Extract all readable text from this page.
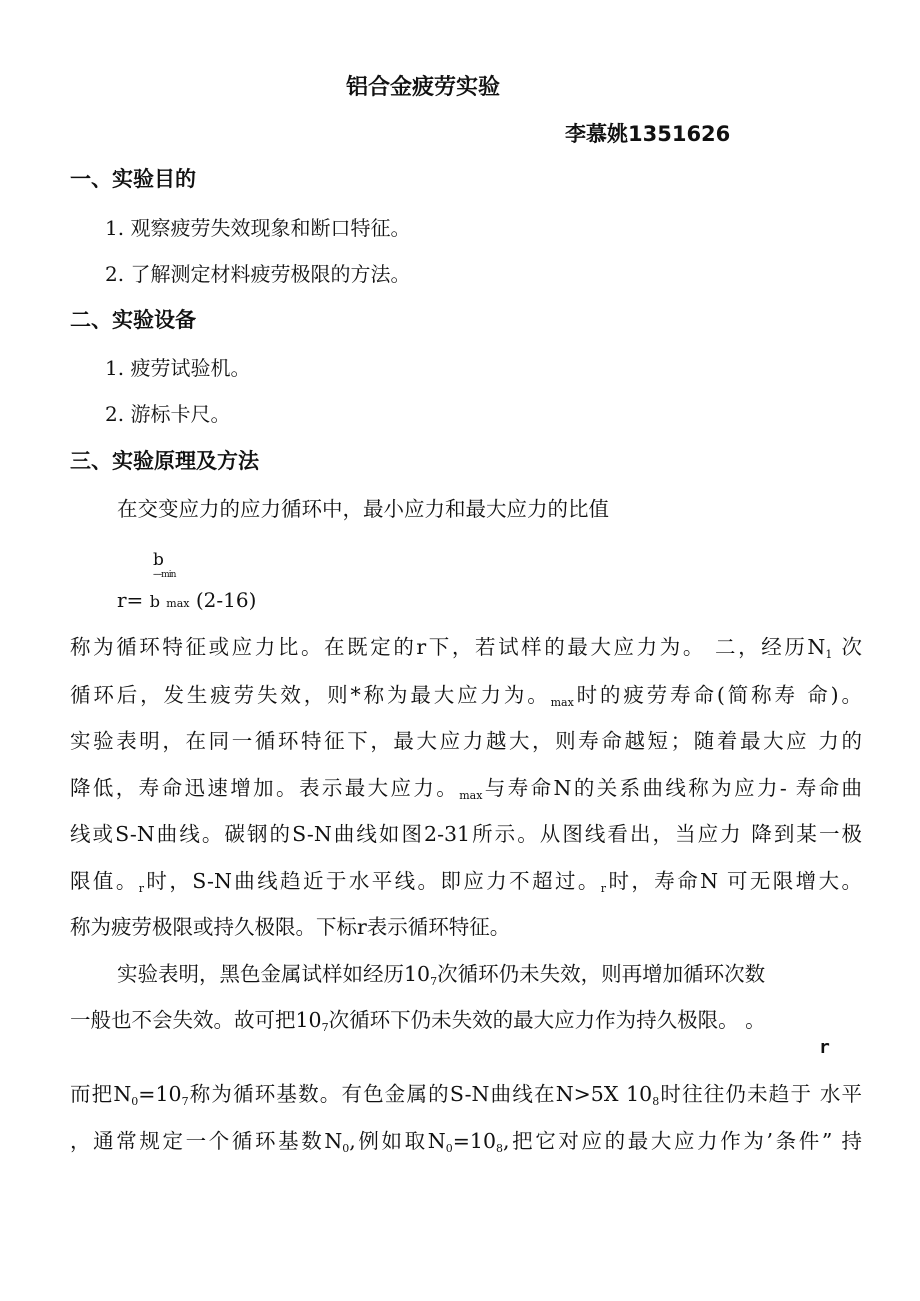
铝合金疲劳实验
李慕姚1351626
一、实验目的
1. 观察疲劳失效现象和断口特征。
2. 了解测定材料疲劳极限的方法。
二、实验设备
1. 疲劳试验机。
2. 游标卡尺。
三、实验原理及方法
在交变应力的应力循环中，最小应力和最大应力的比值
b
----min
r= b max (2-16)
称为循环特征或应力比。在既定的r下，若试样的最大应力为。 二，经历$N_1$ 次
循环后，发生疲劳失效，则*称为最大应力为。$_{max}$时的疲劳寿命(简称寿 命)。
实验表明，在同一循环特征下，最大应力越大，则寿命越短；随着最大应 力的
降低，寿命迅速增加。表示最大应力。$_{max}$与寿命N的关系曲线称为应力- 寿命曲
线或S-N曲线。碳钢的S-N曲线如图2-31所示。从图线看出，当应力 降到某一极
限值。$_r$时，S-N曲线趋近于水平线。即应力不超过。$_r$时，寿命N 可无限增大。
称为疲劳极限或持久极限。下标r表示循环特征。
实验表明，黑色金属试样如经历$10_7$次循环仍未失效，则再增加循环次数
一般也不会失效。故可把$10_7$次循环下仍未失效的最大应力作为持久极限。 。
r
而把$N_0=10_7$称为循环基数。有色金属的S-N曲线在N>5X $10_8$时往往仍未趋于 水平
，通常规定一个循环基数$N_0$,例如取$N_0=10_8$,把它对应的最大应力作为’条件” 持
